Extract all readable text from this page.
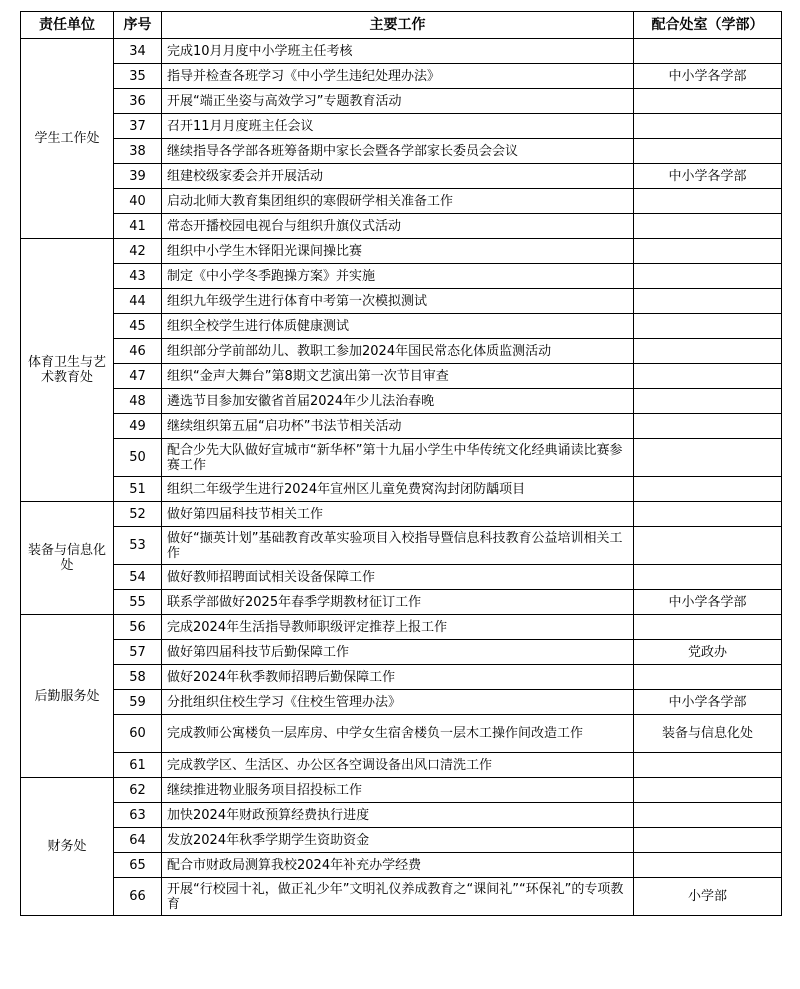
责任单位	序号	主要工作	配合处室（学部）
学生工作处	34	完成10月月度中小学班主任考核	
	35	指导并检查各班学习《中小学生违纪处理办法》	中小学各学部
	36	开展“端正坐姿与高效学习”专题教育活动	
	37	召开11月月度班主任会议	
	38	继续指导各学部各班筹备期中家长会暨各学部家长委员会会议	
	39	组建校级家委会并开展活动	中小学各学部
	40	启动北师大教育集团组织的寒假研学相关准备工作	
	41	常态开播校园电视台与组织升旗仪式活动	
体育卫生与艺术教育处	42	组织中小学生木铎阳光课间操比赛	
	43	制定《中小学冬季跑操方案》并实施	
	44	组织九年级学生进行体育中考第一次模拟测试	
	45	组织全校学生进行体质健康测试	
	46	组织部分学前部幼儿、教职工参加2024年国民常态化体质监测活动	
	47	组织“金声大舞台”第8期文艺演出第一次节目审查	
	48	遴选节目参加安徽省首届2024年少儿法治春晚	
	49	继续组织第五届“启功杯”书法节相关活动	
	50	配合少先大队做好宣城市“新华杯”第十九届小学生中华传统文化经典诵读比赛参赛工作	
	51	组织二年级学生进行2024年宣州区儿童免费窝沟封闭防龋项目	
装备与信息化处	52	做好第四届科技节相关工作	
	53	做好“撷英计划”基础教育改革实验项目入校指导暨信息科技教育公益培训相关工作	
	54	做好教师招聘面试相关设备保障工作	
	55	联系学部做好2025年春季学期教材征订工作	中小学各学部
后勤服务处	56	完成2024年生活指导教师职级评定推荐上报工作	
	57	做好第四届科技节后勤保障工作	党政办
	58	做好2024年秋季教师招聘后勤保障工作	
	59	分批组织住校生学习《住校生管理办法》	中小学各学部
	60	完成教师公寓楼负一层库房、中学女生宿舍楼负一层木工操作间改造工作	装备与信息化处
	61	完成教学区、生活区、办公区各空调设备出风口清洗工作	
财务处	62	继续推进物业服务项目招投标工作	
	63	加快2024年财政预算经费执行进度	
	64	发放2024年秋季学期学生资助资金	
	65	配合市财政局测算我校2024年补充办学经费	
	66	开展“行校园十礼，做正礼少年”文明礼仪养成教育之“课间礼”“环保礼”的专项教育	小学部
